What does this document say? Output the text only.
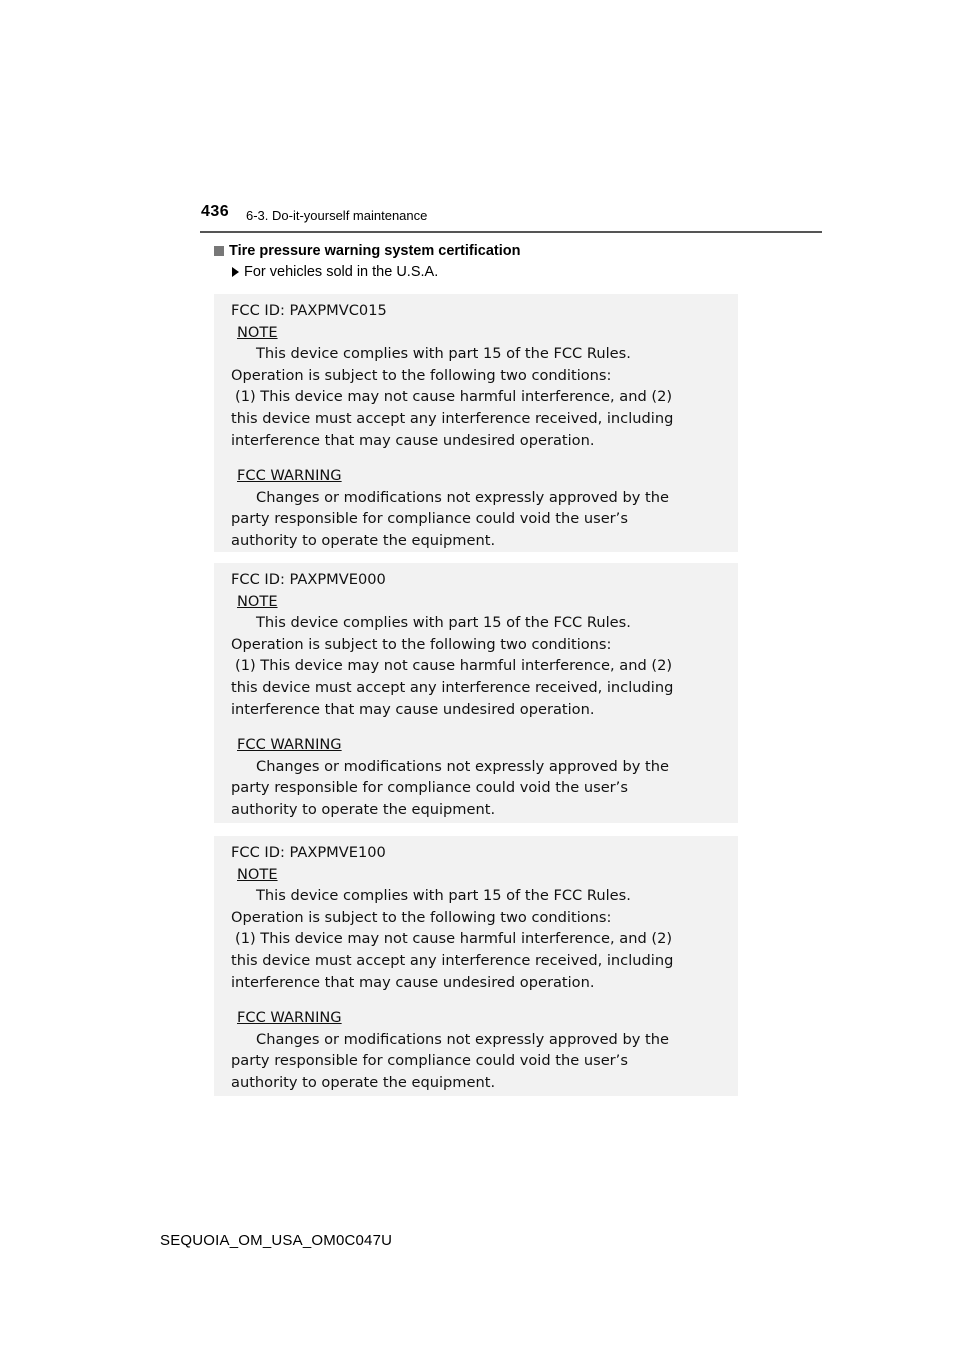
436 6-3. Do-it-yourself maintenance
Tire pressure warning system certification
For vehicles sold in the U.S.A.
FCC ID: PAXPMVC015
NOTE
This device complies with part 15 of the FCC Rules.
Operation is subject to the following two conditions:
(1) This device may not cause harmful interference, and (2)
this device must accept any interference received, including
interference that may cause undesired operation.
FCC WARNING
Changes or modifications not expressly approved by the
party responsible for compliance could void the user’s
authority to operate the equipment.
FCC ID: PAXPMVE000
NOTE
This device complies with part 15 of the FCC Rules.
Operation is subject to the following two conditions:
(1) This device may not cause harmful interference, and (2)
this device must accept any interference received, including
interference that may cause undesired operation.
FCC WARNING
Changes or modifications not expressly approved by the
party responsible for compliance could void the user’s
authority to operate the equipment.
FCC ID: PAXPMVE100
NOTE
This device complies with part 15 of the FCC Rules.
Operation is subject to the following two conditions:
(1) This device may not cause harmful interference, and (2)
this device must accept any interference received, including
interference that may cause undesired operation.
FCC WARNING
Changes or modifications not expressly approved by the
party responsible for compliance could void the user’s
authority to operate the equipment.
SEQUOIA_OM_USA_OM0C047U
